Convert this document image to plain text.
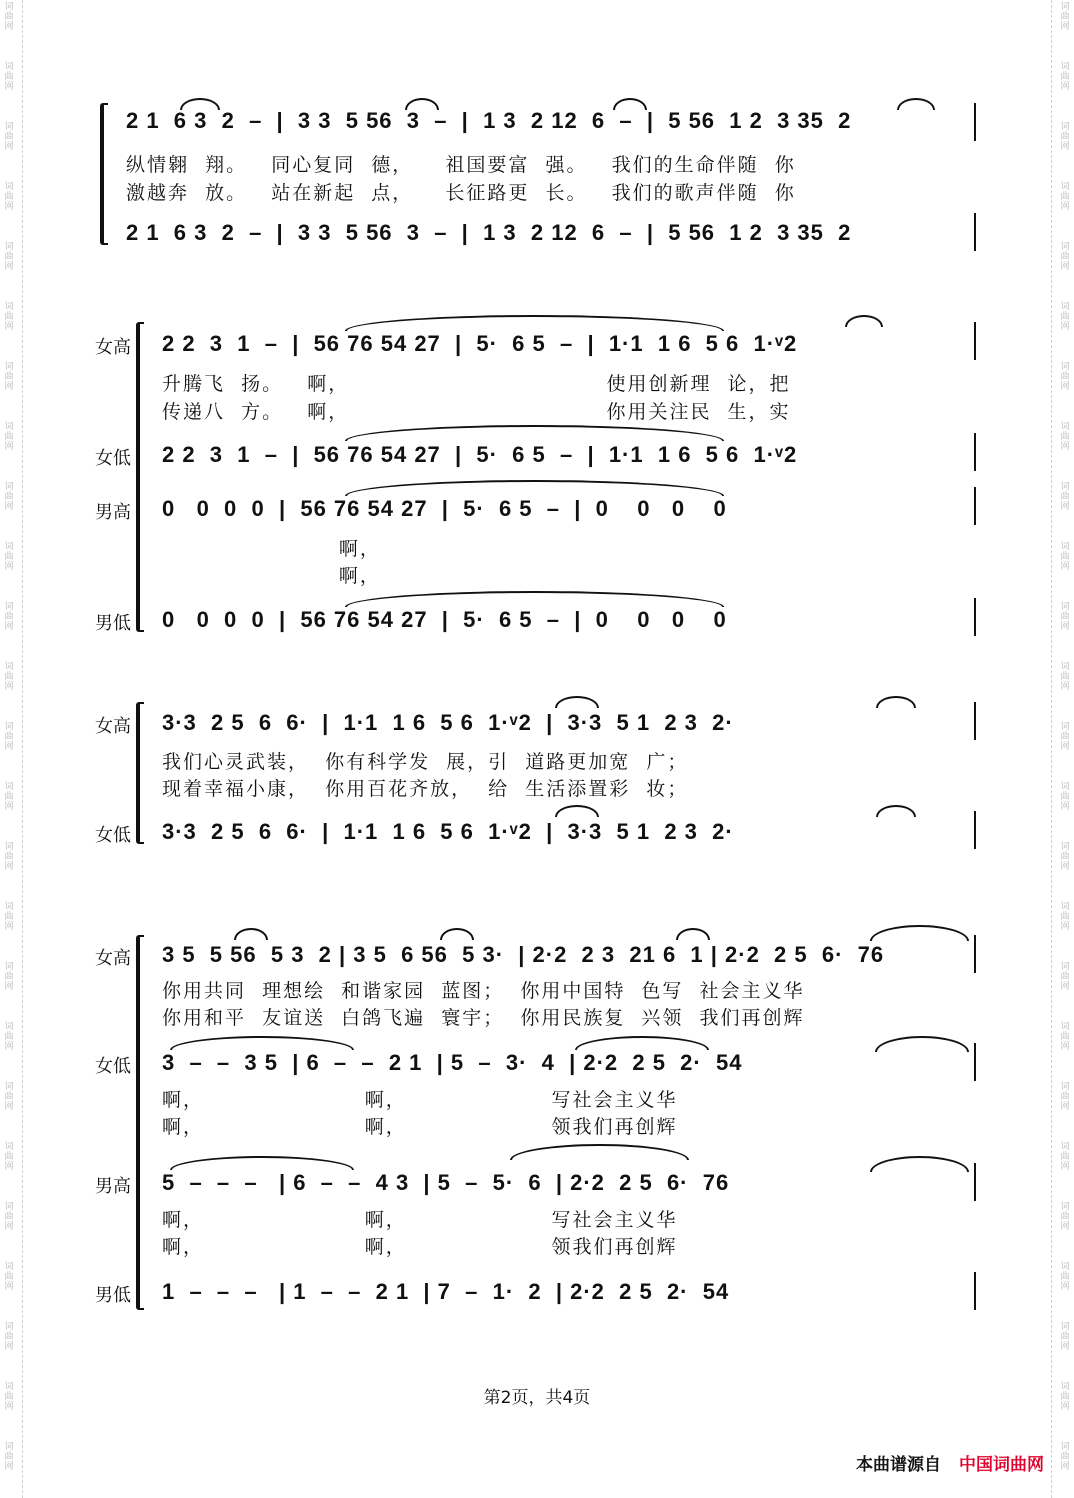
词
曲
网
词
曲
网
词
曲
网
词
曲
网
词
曲
网
词
曲
网
词
曲
网
词
曲
网
词
曲
网
词
曲
网
词
曲
网
词
曲
网
词
曲
网
词
曲
网
词
曲
网
词
曲
网
词
曲
网
词
曲
网
词
曲
网
词
曲
网
词
曲
网
词
曲
网
词
曲
网
词
曲
网
词
曲
网
词
曲
网
词
曲
网
词
曲
网
词
曲
网
词
曲
网
词
曲
网
词
曲
网
词
曲
网
词
曲
网
词
曲
网
词
曲
网
词
曲
网
词
曲
网
词
曲
网
词
曲
网
词
曲
网
词
曲
网
词
曲
网
词
曲
网
词
曲
网
词
曲
网
词
曲
网
词
曲
网
词
曲
网
词
曲
网
2 1  6 3  2  –  |  3 3  5 56  3  –  |  1 3  2 12  6  –  |  5 56  1 2  3 35  2
纵情翱  翔。   同心复同  德，    祖国要富  强。   我们的生命伴随  你
激越奔  放。   站在新起  点，    长征路更  长。   我们的歌声伴随  你
2 1  6 3  2  –  |  3 3  5 56  3  –  |  1 3  2 12  6  –  |  5 56  1 2  3 35  2
女高
女低
男高
男低
2 2  3  1  –  |  56 76 54 27  |  5·  6 5  –  |  1·1  1 6  5 6  1·ᵛ2
升腾飞  扬。   啊，                                使用创新理  论，把
传递八  方。   啊，                                你用关注民  生，实
2 2  3  1  –  |  56 76 54 27  |  5·  6 5  –  |  1·1  1 6  5 6  1·ᵛ2
0   0  0  0  |  56 76 54 27  |  5·  6 5  –  |  0    0   0    0
啊，
啊，
0   0  0  0  |  56 76 54 27  |  5·  6 5  –  |  0    0   0    0
女高
女低
3·3  2 5  6  6·  |  1·1  1 6  5 6  1·ᵛ2  |  3·3  5 1  2 3  2·
我们心灵武装，  你有科学发  展，引  道路更加宽  广；
现着幸福小康，  你用百花齐放，  给  生活添置彩  妆；
3·3  2 5  6  6·  |  1·1  1 6  5 6  1·ᵛ2  |  3·3  5 1  2 3  2·
女高
女低
男高
男低
3 5  5 56  5 3  2 | 3 5  6 56  5 3·  | 2·2  2 3  21 6  1 | 2·2  2 5  6·  76
你用共同  理想绘  和谐家园  蓝图；  你用中国特  色写  社会主义华
你用和平  友谊送  白鸽飞遍  寰宇；  你用民族复  兴领  我们再创辉
3  –  –  3 5  | 6  –  –  2 1  | 5  –  3·  4  | 2·2  2 5  2·  54
啊，                    啊，                  写社会主义华
啊，                    啊，                  领我们再创辉
5  –  –  –   | 6  –  –  4 3  | 5  –  5·  6  | 2·2  2 5  6·  76
啊，                    啊，                  写社会主义华
啊，                    啊，                  领我们再创辉
1  –  –  –   | 1  –  –  2 1  | 7  –  1·  2  | 2·2  2 5  2·  54
第2页，共4页
本曲谱源自 中国词曲网
